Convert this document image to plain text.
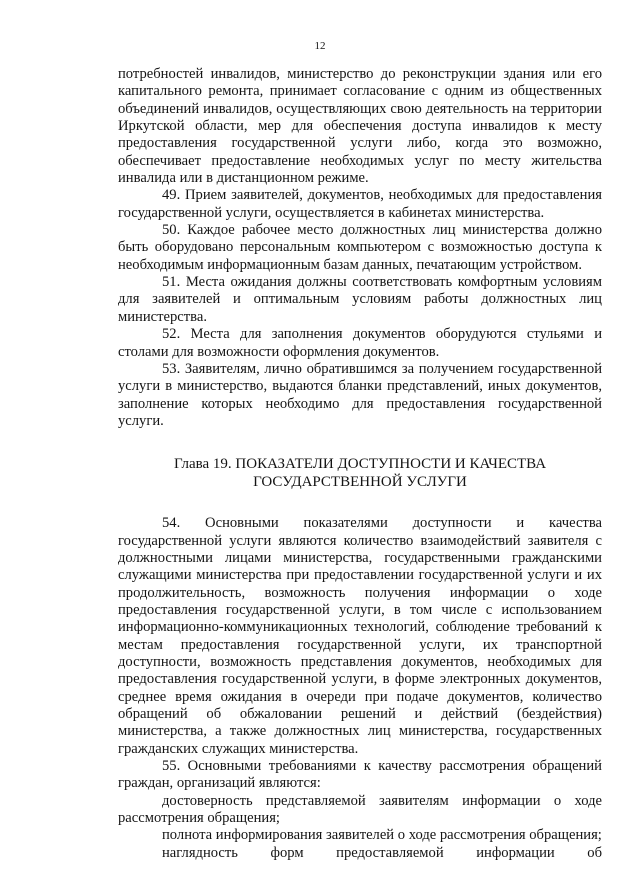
12

потребностей инвалидов, министерство до реконструкции здания или его капитального ремонта, принимает согласование с одним из общественных объединений инвалидов, осуществляющих свою деятельность на территории Иркутской области, мер для обеспечения доступа инвалидов к месту предоставления государственной услуги либо, когда это возможно, обеспечивает предоставление необходимых услуг по месту жительства инвалида или в дистанционном режиме.

49. Прием заявителей, документов, необходимых для предоставления государственной услуги, осуществляется в кабинетах министерства.

50. Каждое рабочее место должностных лиц министерства должно быть оборудовано персональным компьютером с возможностью доступа к необходимым информационным базам данных, печатающим устройством.

51. Места ожидания должны соответствовать комфортным условиям для заявителей и оптимальным условиям работы должностных лиц министерства.

52. Места для заполнения документов оборудуются стульями и столами для возможности оформления документов.

53. Заявителям, лично обратившимся за получением государственной услуги в министерство, выдаются бланки представлений, иных документов, заполнение которых необходимо для предоставления государственной услуги.

Глава 19. ПОКАЗАТЕЛИ ДОСТУПНОСТИ И КАЧЕСТВА
ГОСУДАРСТВЕННОЙ УСЛУГИ

54. Основными показателями доступности и качества государственной услуги являются количество взаимодействий заявителя с должностными лицами министерства, государственными гражданскими служащими министерства при предоставлении государственной услуги и их продолжительность, возможность получения информации о ходе предоставления государственной услуги, в том числе с использованием информационно-коммуникационных технологий, соблюдение требований к местам предоставления государственной услуги, их транспортной доступности, возможность представления документов, необходимых для предоставления государственной услуги, в форме электронных документов, среднее время ожидания в очереди при подаче документов, количество обращений об обжаловании решений и действий (бездействия) министерства, а также должностных лиц министерства, государственных гражданских служащих министерства.

55. Основными требованиями к качеству рассмотрения обращений граждан, организаций являются:

достоверность представляемой заявителям информации о ходе рассмотрения обращения;

полнота информирования заявителей о ходе рассмотрения обращения;

наглядность форм предоставляемой информации об
